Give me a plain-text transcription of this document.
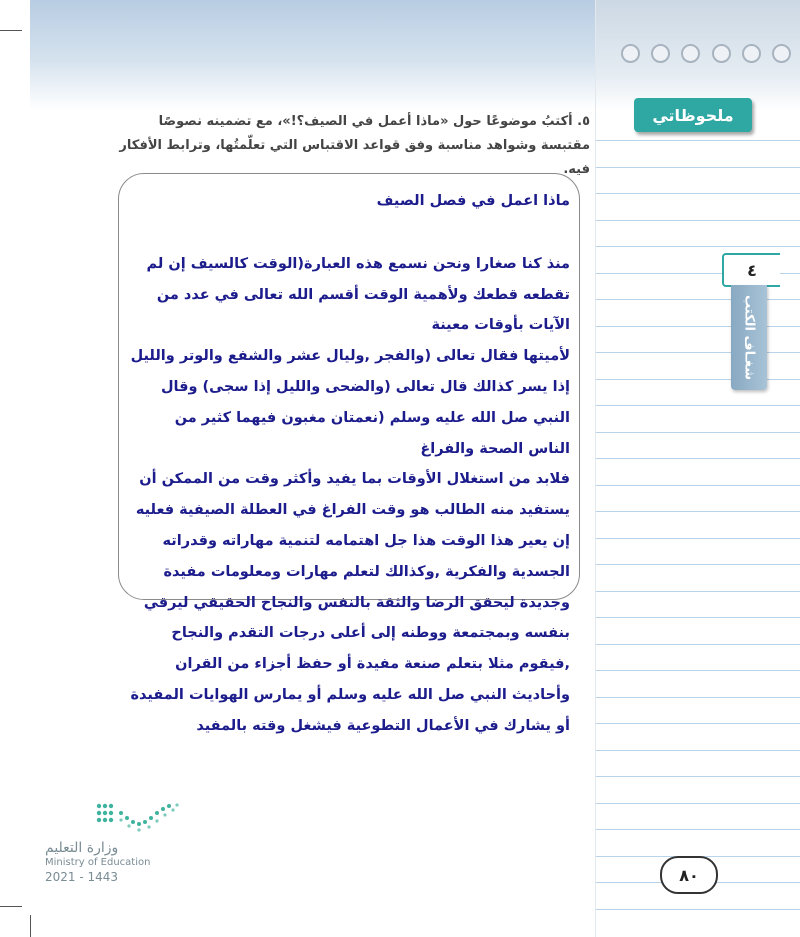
ملحوظاتي
٤
شغـاف الكتب
٥. أكتبُ موضوعًا حول «ماذا أعمل في الصيف؟!»، مع تضمينه نصوصًا مقتبسة وشواهد مناسبة وفق قواعد الاقتباس التي تعلّمتُها، وترابط الأفكار فيه.

ماذا اعمل في فصل الصيف

منذ كنا صغارا ونحن نسمع هذه العبارة(الوقت كالسيف إن لم تقطعه قطعك ولأهمية الوقت أقسم الله تعالى في عدد من الآيات بأوقات معينة

لأميتها فقال تعالى (والفجر ,وليال عشر والشفع والوتر والليل إذا يسر كذالك قال تعالى (والضحى والليل إذا سجى) وقال النبي صل الله عليه وسلم (نعمتان مغبون فيهما كثير من الناس الصحة والفراغ

فلابد من استغلال الأوقات بما يفيد وأكثر وقت من الممكن أن يستفيد منه الطالب هو وقت الفراغ في العطلة الصيفية فعليه إن يعير هذا الوقت هذا جل اهتمامه لتنمية مهاراته وقدراته الجسدية والفكرية ,وكذالك لتعلم مهارات ومعلومات مفيدة وجديدة ليحقق الرضا والثقة بالنفس والنجاح الحقيقي ليرقي بنفسه وبمجتمعة ووطنه إلى أعلى درجات التقدم والنجاح ,فيقوم مثلا بتعلم صنعة مفيدة أو حفظ أجزاء من القران وأحاديث النبي صل الله عليه وسلم أو يمارس الهوايات المفيدة أو يشارك في الأعمال التطوعية فيشغل وقته بالمفيد

وزارة التعليم
Ministry of Education
2021 - 1443	٨٠
